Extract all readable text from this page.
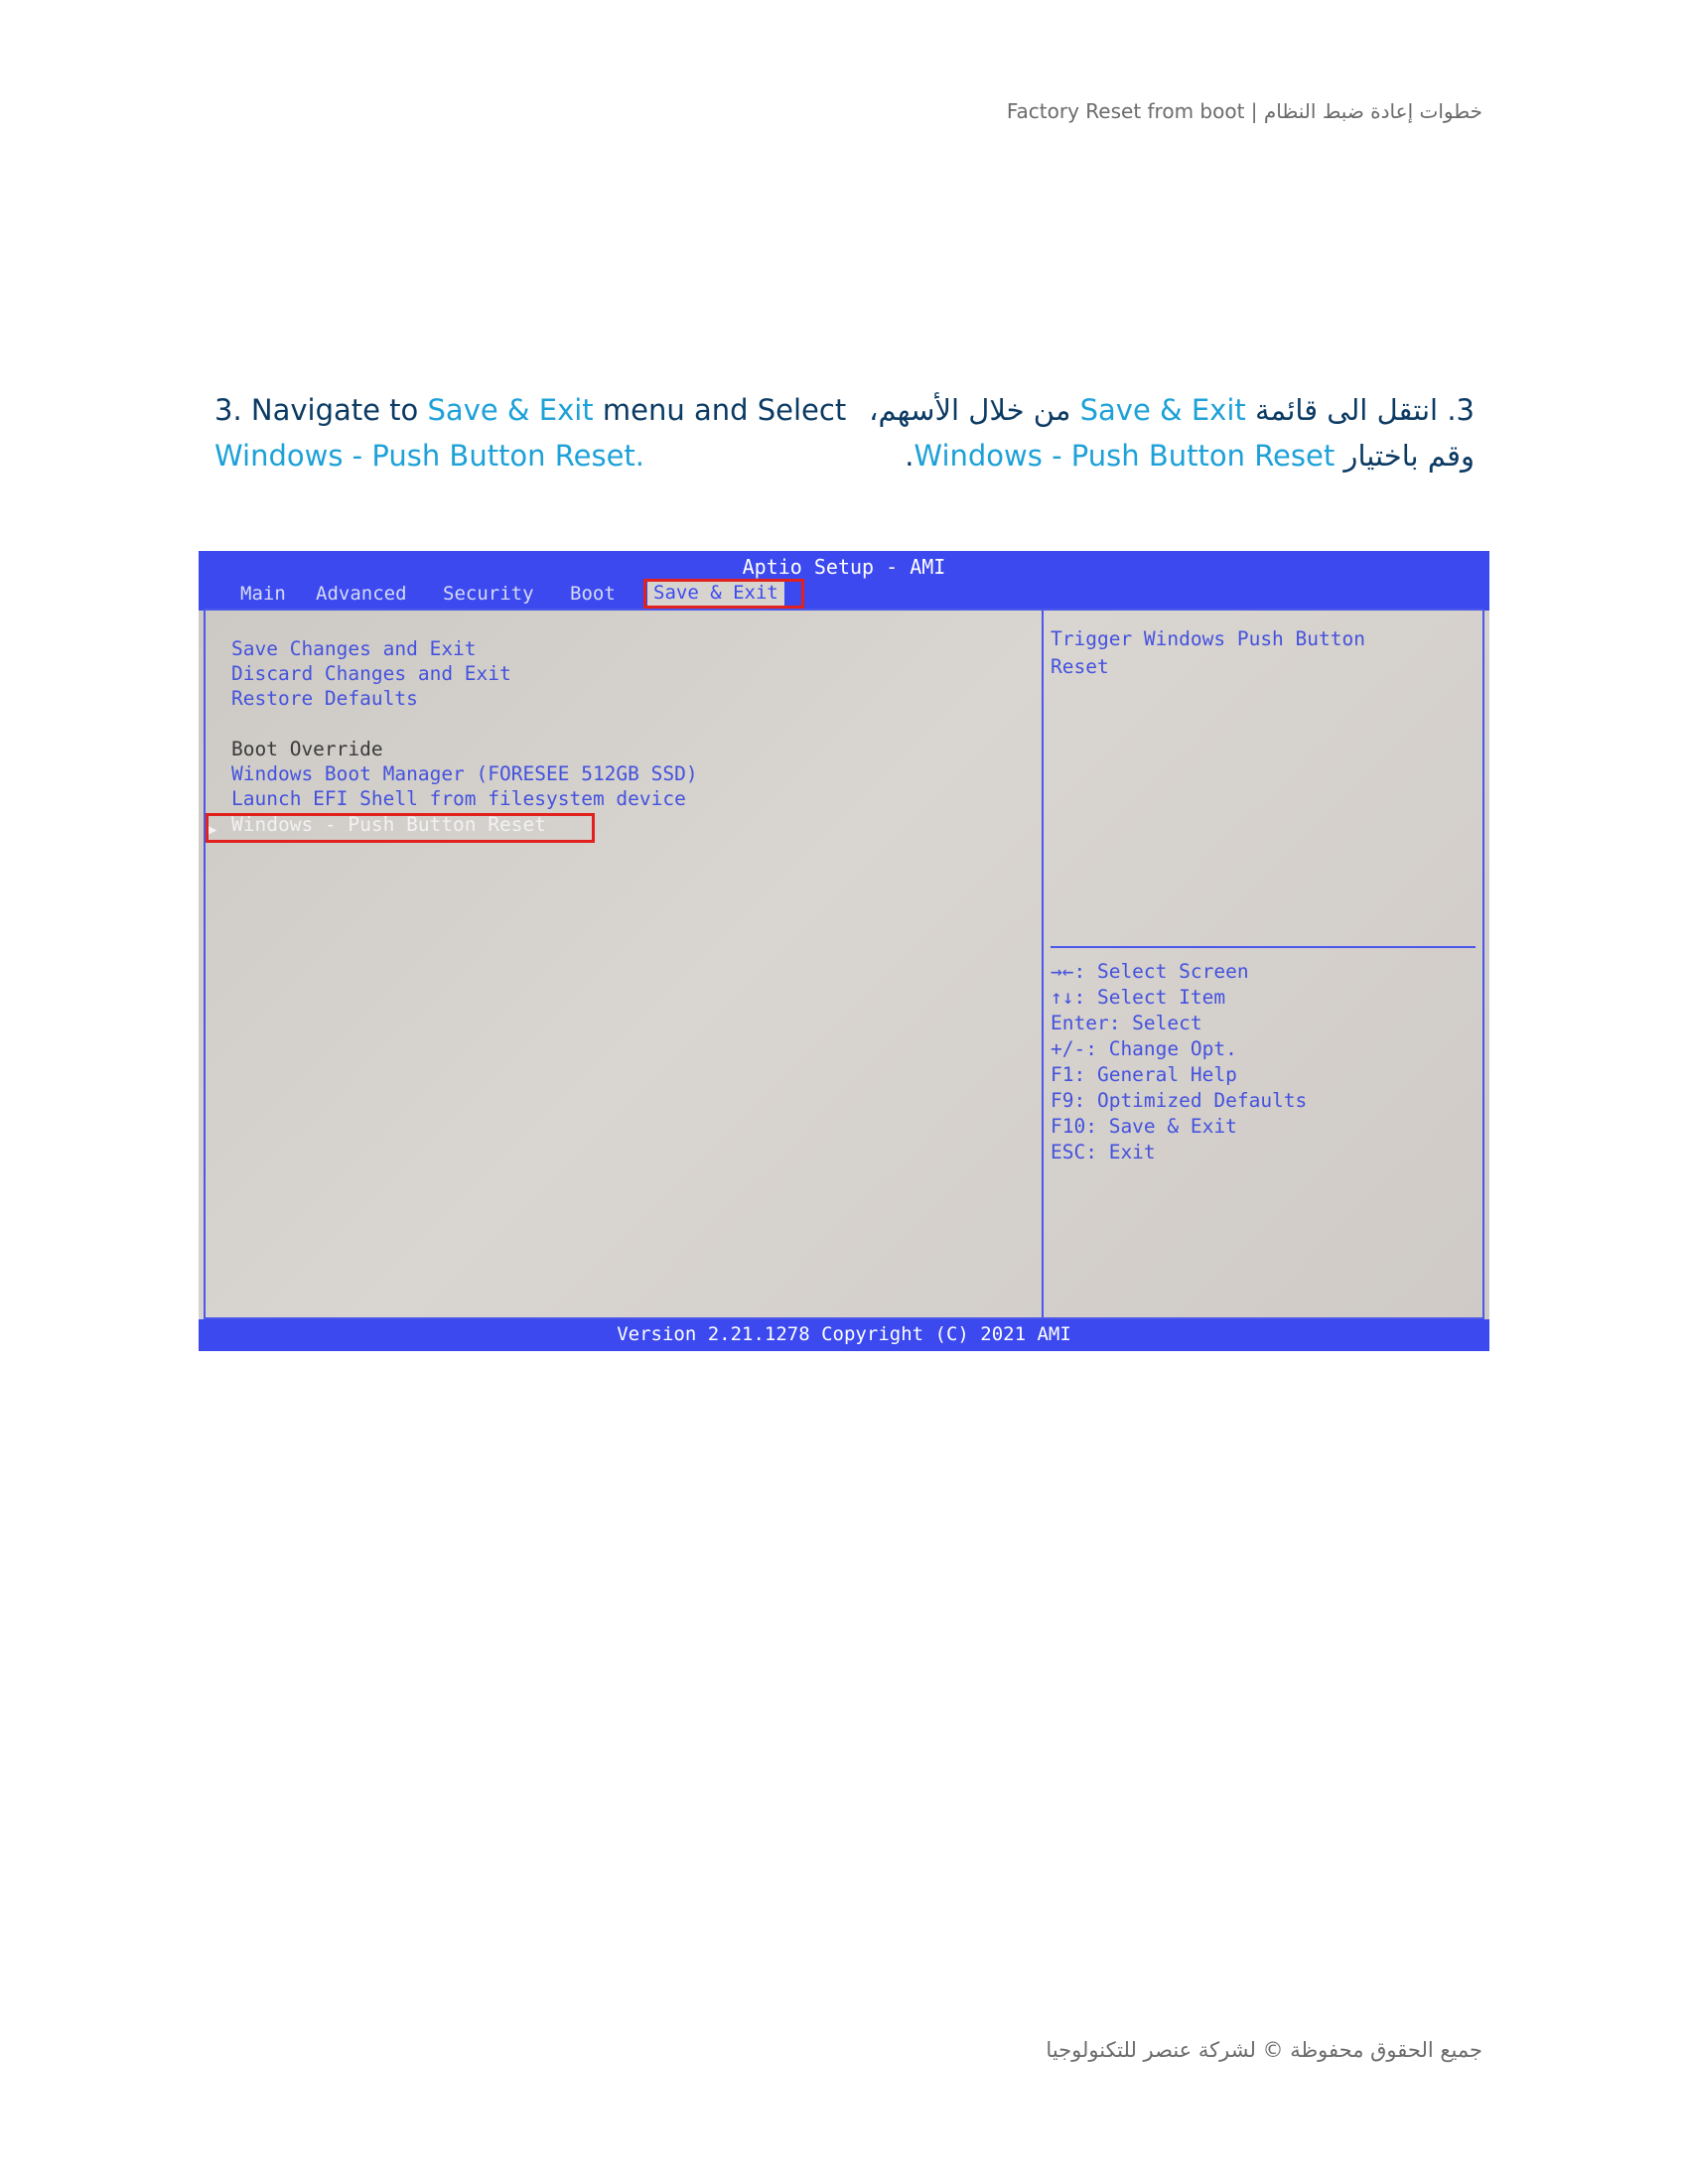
خطوات إعادة ضبط النظام | Factory Reset from boot
3. Navigate to Save & Exit menu and Select
Windows - Push Button Reset.
3. انتقل الى قائمة Save & Exit من خلال الأسهم، وقم باختيار Windows - Push Button Reset.
Aptio Setup - AMI
Main Advanced Security Boot	Save & Exit
Save Changes and Exit
Discard Changes and Exit
Restore Defaults
Boot Override
Windows Boot Manager (FORESEE 512GB SSD)
Launch EFI Shell from filesystem device
▶ Windows - Push Button Reset
Trigger Windows Push Button
Reset
→←: Select Screen
↑↓: Select Item
Enter: Select
+/-: Change Opt.
F1: General Help
F9: Optimized Defaults
F10: Save & Exit
ESC: Exit
Version 2.21.1278 Copyright (C) 2021 AMI
جميع الحقوق محفوظة © لشركة عنصر للتكنولوجيا
